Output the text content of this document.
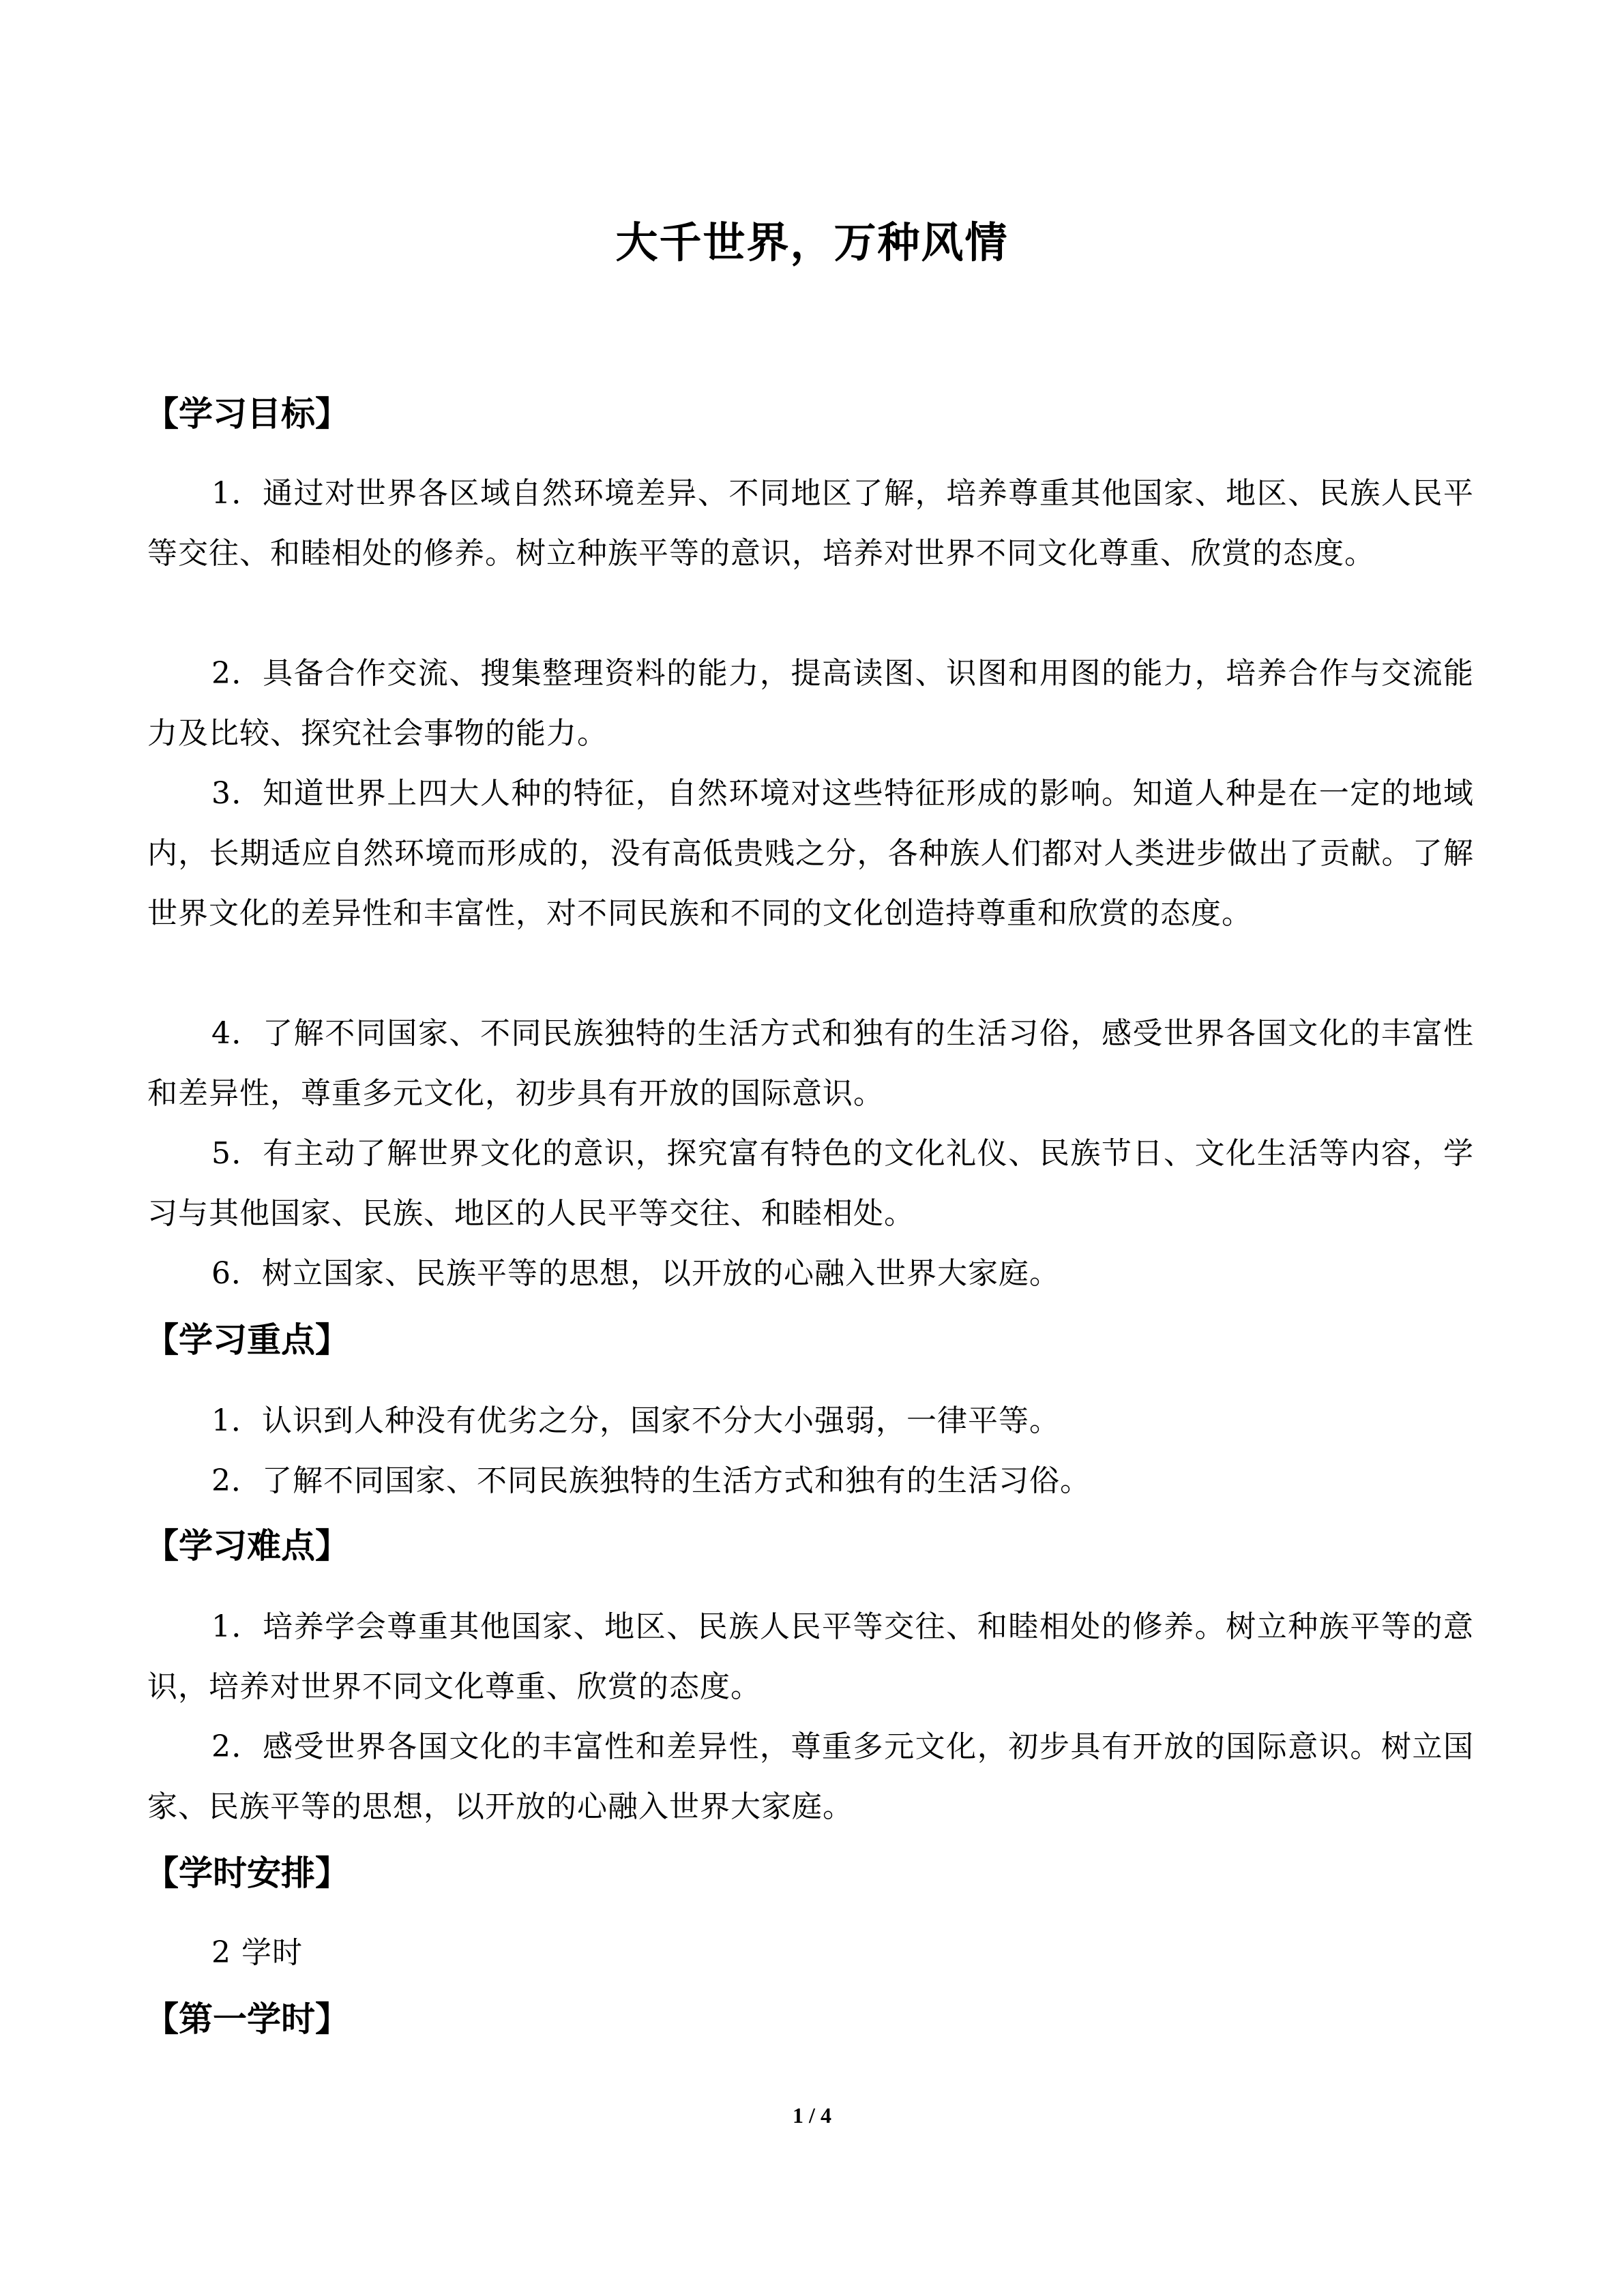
大千世界，万种风情
【学习目标】

1．通过对世界各区域自然环境差异、不同地区了解，培养尊重其他国家、地区、民族人民平等交往、和睦相处的修养。树立种族平等的意识，培养对世界不同文化尊重、欣赏的态度。

2．具备合作交流、搜集整理资料的能力，提高读图、识图和用图的能力，培养合作与交流能力及比较、探究社会事物的能力。

3．知道世界上四大人种的特征，自然环境对这些特征形成的影响。知道人种是在一定的地域内，长期适应自然环境而形成的，没有高低贵贱之分，各种族人们都对人类进步做出了贡献。了解世界文化的差异性和丰富性，对不同民族和不同的文化创造持尊重和欣赏的态度。

4．了解不同国家、不同民族独特的生活方式和独有的生活习俗，感受世界各国文化的丰富性和差异性，尊重多元文化，初步具有开放的国际意识。

5．有主动了解世界文化的意识，探究富有特色的文化礼仪、民族节日、文化生活等内容，学习与其他国家、民族、地区的人民平等交往、和睦相处。

6．树立国家、民族平等的思想，以开放的心融入世界大家庭。

【学习重点】

1．认识到人种没有优劣之分，国家不分大小强弱，一律平等。

2．了解不同国家、不同民族独特的生活方式和独有的生活习俗。

【学习难点】

1．培养学会尊重其他国家、地区、民族人民平等交往、和睦相处的修养。树立种族平等的意识，培养对世界不同文化尊重、欣赏的态度。

2．感受世界各国文化的丰富性和差异性，尊重多元文化，初步具有开放的国际意识。树立国家、民族平等的思想，以开放的心融入世界大家庭。

【学时安排】

2 学时

【第一学时】
1 / 4
